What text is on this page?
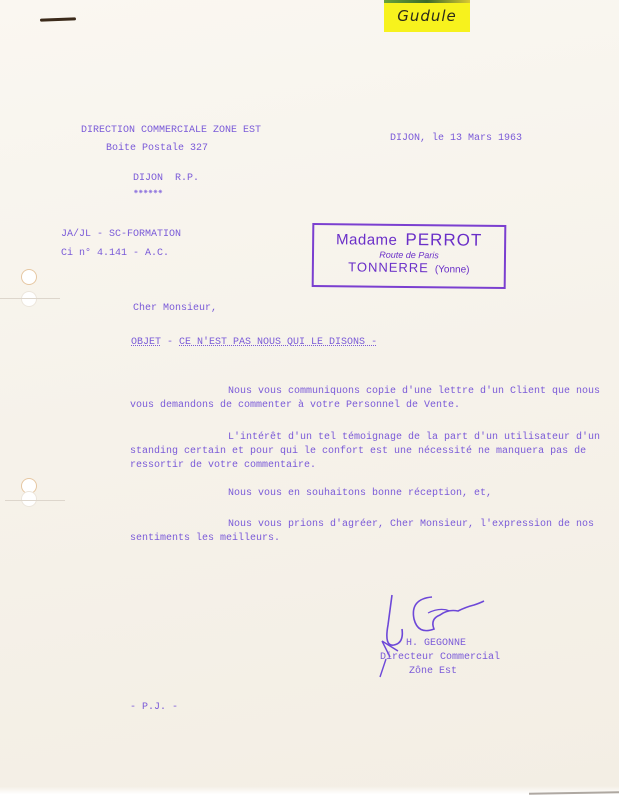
Gudule
DIRECTION COMMERCIALE ZONE EST
Boite Postale 327
DIJON  R.P.
⁕⁕⁕⁕⁕⁕
DIJON, le 13 Mars 1963
JA/JL - SC-FORMATION
Ci n° 4.141 - A.C.
Madame PERROT
Route de Paris
TONNERRE (Yonne)
Cher Monsieur,
OBJET - CE N'EST PAS NOUS QUI LE DISONS -
Nous vous communiquons copie d'une lettre d'un Client que nous
vous demandons de commenter à votre Personnel de Vente.
L'intérêt d'un tel témoignage de la part d'un utilisateur d'un
standing certain et pour qui le confort est une nécessité ne manquera pas de
ressortir de votre commentaire.
Nous vous en souhaitons bonne réception, et,
Nous vous prions d'agréer, Cher Monsieur, l'expression de nos
sentiments les meilleurs.
H. GEGONNE
Directeur Commercial
Zône Est
- P.J. -
